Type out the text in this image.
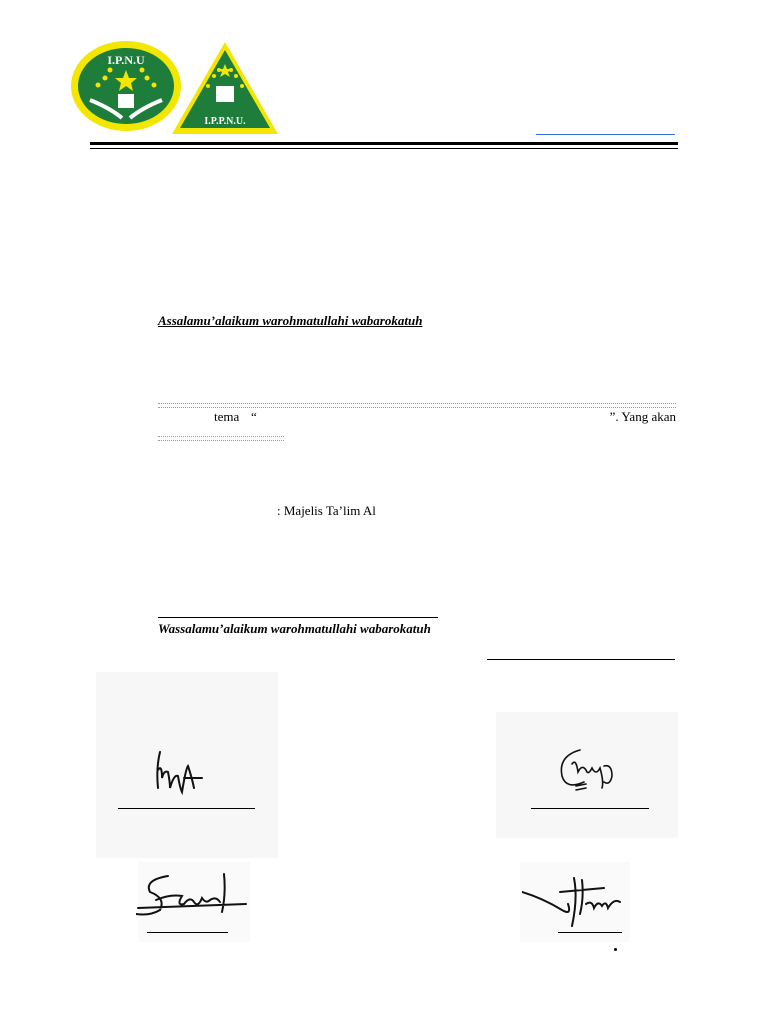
I.P.N.U
I.P.P.N.U.
Assalamu’alaikum warohmatullahi wabarokatuh
tema “	”. Yang akan
: Majelis Ta’lim Al
Wassalamu’alaikum warohmatullahi wabarokatuh
